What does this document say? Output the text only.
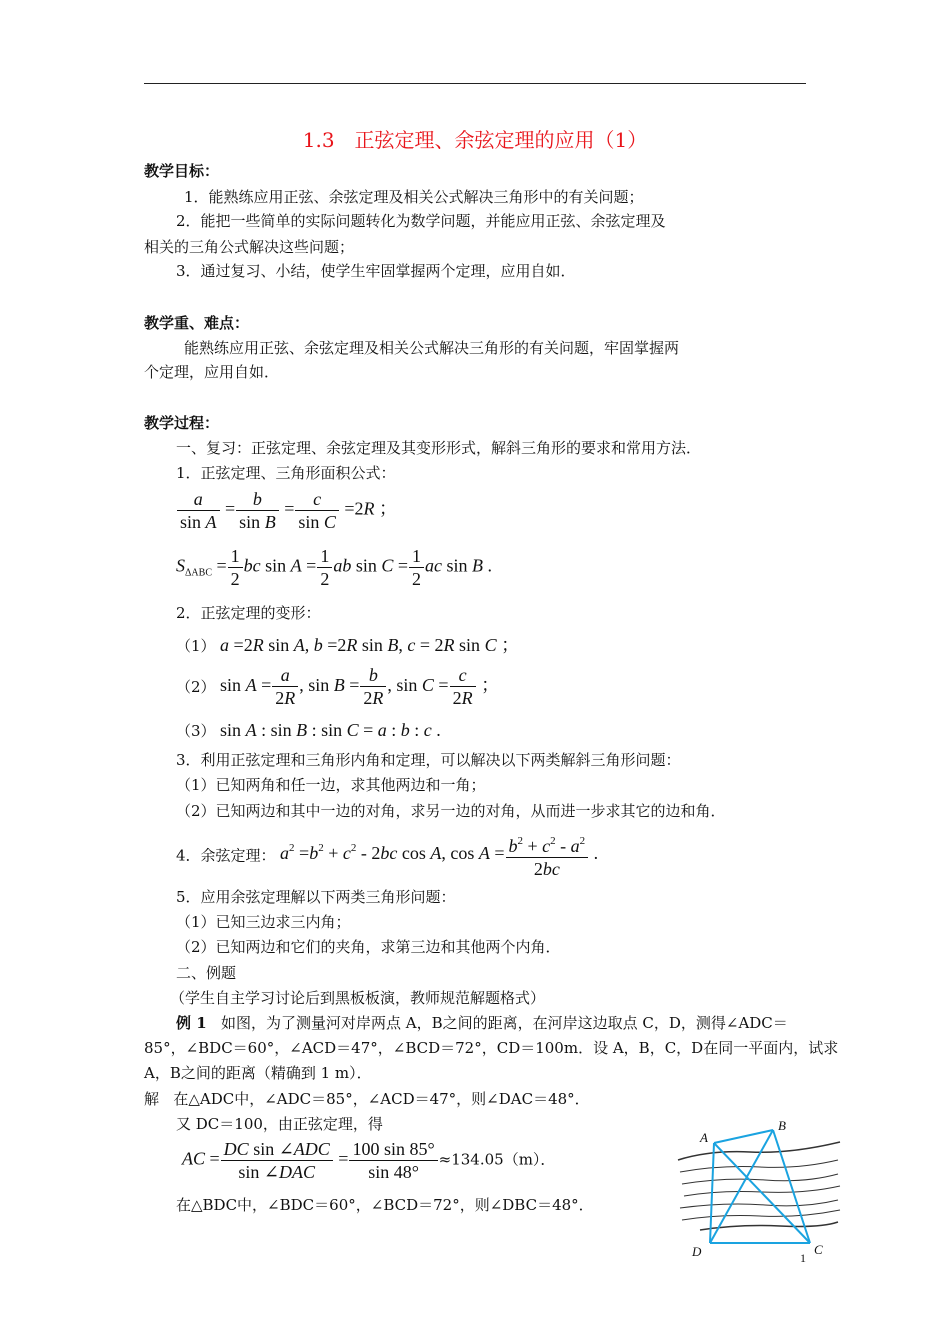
1.3　正弦定理、余弦定理的应用（1）
教学目标：
1．能熟练应用正弦、余弦定理及相关公式解决三角形中的有关问题；
2．能把一些简单的实际问题转化为数学问题，并能应用正弦、余弦定理及
相关的三角公式解决这些问题；
3．通过复习、小结，使学生牢固掌握两个定理，应用自如．
教学重、难点：
能熟练应用正弦、余弦定理及相关公式解决三角形的有关问题，牢固掌握两
个定理，应用自如．
教学过程：
一、复习：正弦定理、余弦定理及其变形形式，解斜三角形的要求和常用方法．
1．正弦定理、三角形面积公式：
$\frac{a}{\text{sin A}} = \frac{b}{\text{sin B}} = \frac{c}{\text{sin C}} =2R$ ；
$S_{\Delta ABC} = \frac{1}{2}$ bc $\sin A = \frac{1}{2}$ ab $\sin C = \frac{1}{2}$ ac sin B .
2．正弦定理的变形：
（1） a =2R sin A, b =2R sin B, c = 2R sin C ；
（2） $\sin A = \frac{a}{2R}$ , $\sin B = \frac{b}{2R}$ , $\sin C = \frac{c}{2R}$ ；
（3） sin A : sin B : sin C = a : b : c .
3．利用正弦定理和三角形内角和定理，可以解决以下两类解斜三角形问题：
（1）已知两角和任一边，求其他两边和一角；
（2）已知两边和其中一边的对角，求另一边的对角，从而进一步求其它的边和角．
4．余弦定理： $a^2 =b^2 + c^2 - 2bc$ cos A, $\cos A = \frac{b^2 + c^2 - a^2}{2bc}$ .
5．应用余弦定理解以下两类三角形问题：
（1）已知三边求三内角；
（2）已知两边和它们的夹角，求第三边和其他两个内角．
二、例题
（学生自主学习讨论后到黑板板演，教师规范解题格式）
例 1 如图，为了测量河对岸两点 A，B之间的距离，在河岸这边取点 C，D，测得∠ADC＝
85°，∠BDC＝60°，∠ACD＝47°，∠BCD＝72°，CD＝100m．设 A，B，C，D在同一平面内，试求
A，B之间的距离（精确到 1 m）．
解 在△ADC中，∠ADC＝85°，∠ACD＝47°，则∠DAC＝48°．
又 DC＝100，由正弦定理，得
AC = $\frac{\text{DC sin ∠ADC}}{\text{sin ∠DAC}} = \frac{100 \sin 85^\circ}{\sin 48^\circ} \approx 134.05(m)$．
在△BDC中，∠BDC＝60°，∠BCD＝72°，则∠DBC＝48°．
A
B
D	C
1
